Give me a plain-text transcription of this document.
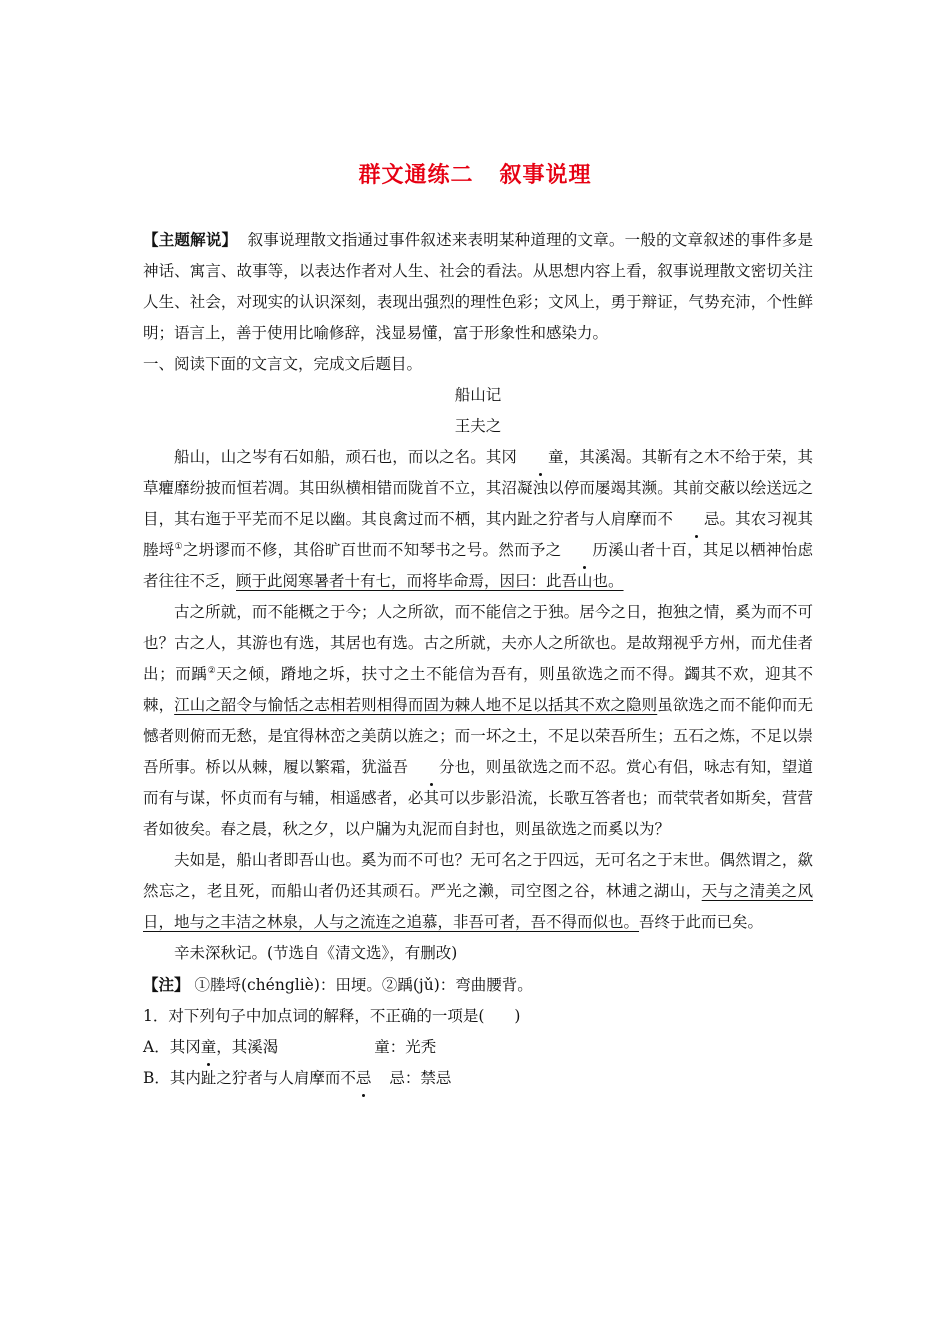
群文通练二 叙事说理

【主题解说】 叙事说理散文指通过事件叙述来表明某种道理的文章。一般的文章叙述的事件多是神话、寓言、故事等，以表达作者对人生、社会的看法。从思想内容上看，叙事说理散文密切关注人生、社会，对现实的认识深刻，表现出强烈的理性色彩；文风上，勇于辩证，气势充沛，个性鲜明；语言上，善于使用比喻修辞，浅显易懂，富于形象性和感染力。

一、阅读下面的文言文，完成文后题目。

船山记

王夫之

船山，山之岑有石如船，顽石也，而以之名。其冈 童，其溪渴。其靳有之木不给于荣，其草癯靡纷披而恒若凋。其田纵横相错而陇首不立，其沼凝浊以停而屡竭其濒。其前交蔽以绘送远之目，其右迤于平芜而不足以幽。其良禽过而不栖，其内趾之狞者与人肩摩而不 忌。其农习视其塍埒①之坍谬而不修，其俗旷百世而不知琴书之号。然而予之 历溪山者十百，其足以栖神怡虑者往往不乏，顾于此阅寒暑者十有七，而将毕命焉，因曰：此吾山也。

古之所就，而不能概之于今；人之所欲，而不能信之于独。居今之日，抱独之情，奚为而不可也？古之人，其游也有选，其居也有选。古之所就，夫亦人之所欲也。是故翔视乎方州，而尤佳者出；而踽②天之倾，蹐地之坼，扶寸之土不能信为吾有，则虽欲选之而不得。蠲其不欢，迎其不棘，江山之韶令与愉恬之志相若则相得而固为棘人地不足以括其不欢之隐则虽欲选之而不能仰而无憾者则俯而无愁，是宜得林峦之美荫以旌之；而一坏之土，不足以荣吾所生；五石之炼，不足以崇吾所事。桥以从棘，履以繁霜，犹溢吾 分也，则虽欲选之而不忍。赏心有侣，咏志有知，望道而有与谋，怀贞而有与辅，相遥感者，必其可以步影沿流，长歌互答者也；而茕茕者如斯矣，营营者如彼矣。春之晨，秋之夕，以户牖为丸泥而自封也，则虽欲选之而奚以为？

夫如是，船山者即吾山也。奚为而不可也？无可名之于四远，无可名之于末世。偶然谓之，歘然忘之，老且死，而船山者仍还其顽石。严光之濑，司空图之谷，林逋之湖山，天与之清美之风日，地与之丰洁之林泉，人与之流连之追慕，非吾可者，吾不得而似也。吾终于此而已矣。

辛未深秋记。(节选自《清文选》，有删改)

【注】 ①塍埒(chéngliè)：田埂。②踽(jǔ)：弯曲腰背。

1．对下列句子中加点词的解释，不正确的一项是( )

A．其冈童，其溪渴	童：光秃

B．其内趾之狞者与人肩摩而不忌 忌：禁忌
